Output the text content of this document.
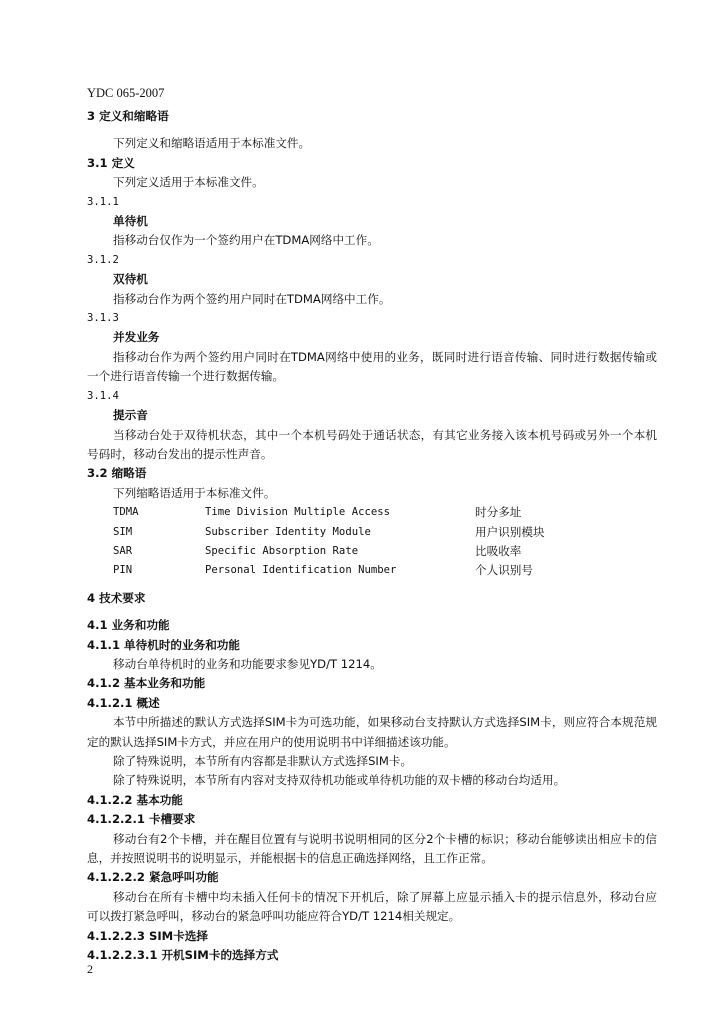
YDC 065-2007
3 定义和缩略语
下列定义和缩略语适用于本标准文件。
3.1 定义
下列定义适用于本标准文件。
3.1.1
单待机
指移动台仅作为一个签约用户在TDMA网络中工作。
3.1.2
双待机
指移动台作为两个签约用户同时在TDMA网络中工作。
3.1.3
并发业务
指移动台作为两个签约用户同时在TDMA网络中使用的业务，既同时进行语音传输、同时进行数据传输或一个进行语音传输一个进行数据传输。
3.1.4
提示音
当移动台处于双待机状态，其中一个本机号码处于通话状态，有其它业务接入该本机号码或另外一个本机号码时，移动台发出的提示性声音。
3.2 缩略语
下列缩略语适用于本标准文件。
TDMA	Time Division Multiple Access	时分多址
SIM	Subscriber Identity Module	用户识别模块
SAR	Specific Absorption Rate	比吸收率
PIN	Personal Identification Number	个人识别号
4 技术要求
4.1 业务和功能
4.1.1 单待机时的业务和功能
移动台单待机时的业务和功能要求参见YD/T 1214。
4.1.2 基本业务和功能
4.1.2.1 概述
本节中所描述的默认方式选择SIM卡为可选功能，如果移动台支持默认方式选择SIM卡，则应符合本规范规定的默认选择SIM卡方式，并应在用户的使用说明书中详细描述该功能。
除了特殊说明，本节所有内容都是非默认方式选择SIM卡。
除了特殊说明，本节所有内容对支持双待机功能或单待机功能的双卡槽的移动台均适用。
4.1.2.2 基本功能
4.1.2.2.1 卡槽要求
移动台有2个卡槽，并在醒目位置有与说明书说明相同的区分2个卡槽的标识；移动台能够读出相应卡的信息，并按照说明书的说明显示，并能根据卡的信息正确选择网络，且工作正常。
4.1.2.2.2 紧急呼叫功能
移动台在所有卡槽中均未插入任何卡的情况下开机后，除了屏幕上应显示插入卡的提示信息外，移动台应可以拨打紧急呼叫，移动台的紧急呼叫功能应符合YD/T 1214相关规定。
4.1.2.2.3 SIM卡选择
4.1.2.2.3.1 开机SIM卡的选择方式
2
